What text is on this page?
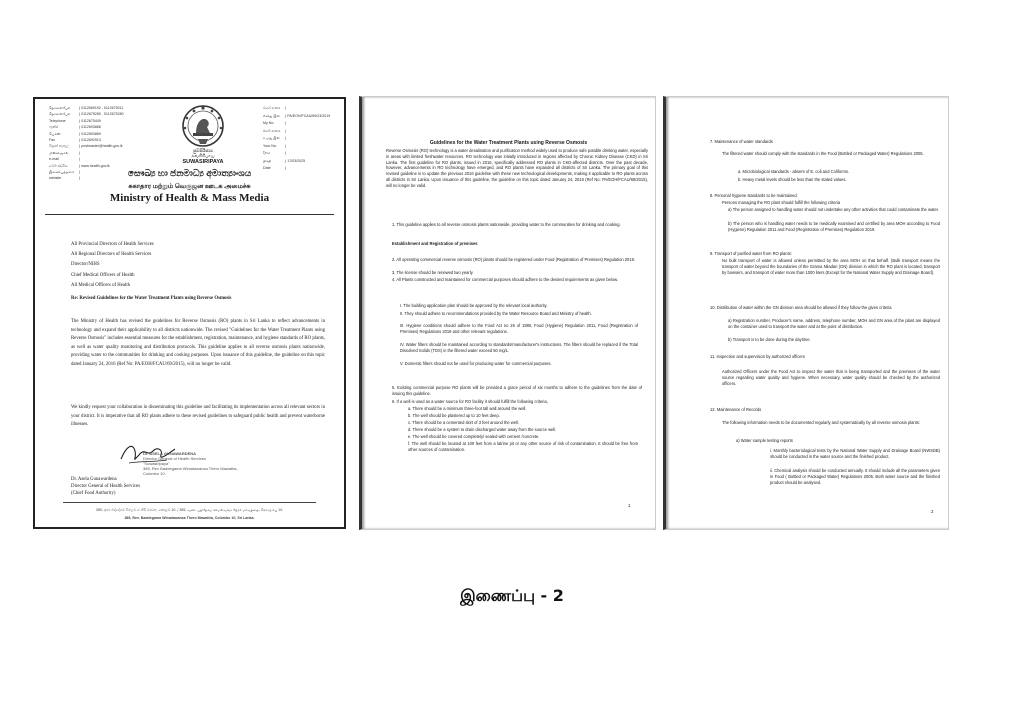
தொலைபேசி	) 0112669192 , 0112675011
தொலைபேசி	) 0112675280 , 0112675280
Telephone	) 0112675449
ෆැක්ස්	) 0112693866
பெக்ஸ்	) 0112693869
Fax	) 0112692913
විද්‍යුත් තැපෑල	) postmaster@health.gov.lk
மின்னஞ்சல்	)
e-mail	)
වෙබ් අඩවිය	) www.health.gov.lk
இணையத்தளம்	)
website	)
සුවසිරිපාය
சுவசிரிபாய
SUWASIRIPAYA
මගේ අංකය	)
எனது இல	) PA/EOH/FCAU/69/23/2019
My No.	)
ඔබේ අංකය	)
உமது இல	)
Your No.	)
දිනය	)
திகதி	) 17/03/2025
Date	)
සෞඛ්‍ය හා ජනමාධ්‍ය අමාත්‍යාංශය
சுகாதார மற்றும் வெகுஜன ஊடக அமைச்சு
Ministry of Health & Mass Media
All Provincial Directors of Health Services
All Regional Directors of Health Services
Director/NIHS
Chief Medical Officers of Health
All Medical Officers of Health
Re: Revised Guidelines for the Water Treatment Plants using Reverse Osmosis
The Ministry of Health has revised the guidelines for Reverse Osmosis (RO) plants in Sri Lanka to reflect advancements in technology and expand their applicability to all districts nationwide. The revised "Guidelines for the Water Treatment Plants using Reverse Osmosis" includes essential measures for the establishment, registration, maintenance, and hygiene standards of RO plants, as well as water quality monitoring and distribution protocols. This guideline applies to all reverse osmosis plants nationwide, providing water to the communities for drinking and cooking purposes. Upon issuance of this guideline, the guideline on this topic dated January 24, 2016 (Ref No: PA/EOH/FCAU/69/2015), will no longer be valid.
We kindly request your collaboration in disseminating this guideline and facilitating its implementation across all relevant sectors in your district. It is imperative that all RO plants adhere to these revised guidelines to safeguard public health and prevent waterborne illnesses.
Dr. ASELA GUNAWARDENA
Director General of Health Services
"Suwasiripaya"
385, Rev Baddegama Wimalawansa Thero Mawatha,
Colombo 10.
Dr. Asela Gunawardena
Director General of Health Services
(Chief Food Authority)
385, පූජ්‍ය බද්දේගම විමලවංශ හිමි මාවත, කොළඹ 10. / 385, வண. பத்தேகம விமலவங்ச தேரர் மாவத்தை, கொழும்பு 10.
385, Rev. Baddegama Wimalawansa Thero Mawatha, Colombo 10, Sri Lanka.
Guidelines for the Water Treatment Plants using Reverse Osmosis
Reverse Osmosis (RO) technology is a water desalination and purification method widely used to produce safe potable drinking water, especially in areas with limited freshwater resources. RO technology was initially introduced in regions affected by Chronic Kidney Disease (CKD) in Sri Lanka. The first guideline for RO plants, issued in 2016, specifically addressed RO plants in CKD-affected districts. Over the past decade, however, advancements in RO technology have emerged, and RO plants have expanded all districts of Sri Lanka. The primary goal of this revised guideline is to update the previous 2016 guideline with these new technological developments, making it applicable to RO plants across all districts in Sri Lanka. Upon issuance of this guideline, the guideline on this topic dated January 24, 2016 (Ref No: PA/EOH/FCAU/69/2015), will no longer be valid.
1. This guideline applies to all reverse osmosis plants nationwide, providing water to the communities for drinking and cooking.
Establishment and Registration of premises
2. All operating commercial reverse osmosis (RO) plants should be registered under Food (Registration of Premises) Regulation 2019.
3. The license should be renewed two yearly.
4. All Plants constructed and maintained for commercial purposes should adhere to the desired requirements as given below.
I. The building application plan should be approved by the relevant local authority.
II. They should adhere to recommendations provided by the Water Resource Board and Ministry of health.
III. Hygiene conditions should adhere to the Food Act no 26 of 1980, Food (Hygiene) Regulation 2011, Food (Registration of Premises) Regulations 2019 and other relevant regulations.
IV. Water filters should be maintained according to standards/manufacturer's instructions. The filters should be replaced if the Total Dissolved Solids (TDS) in the filtered water exceed 50 mg/L.
V. Domestic filters should not be used for producing water for commercial purposes.
5. Existing commercial purpose RO plants will be provided a grace period of six months to adhere to the guidelines from the date of issuing this guideline.
6. If a well is used as a water source for RO facility it should fulfill the following criteria,
a. There should be a minimum three-foot tall wall around the well.
b. The well should be plastered up to 10 feet deep.
c. There should be a cemented skirt of 3 feet around the well.
d. There should be a system to drain discharged water away from the source well.
e. The well should be covered completely/ sealed with cement /concrete.
f. The well should be located at 100 feet from a latrine pit or any other source of risk of contamination. It should be free from other sources of contamination.
1
7. Maintenance of water standards
The filtered water should comply with the standards in the Food (Bottled or Packaged Water) Regulations 2005.
a. Microbiological standards - absent of E. coli and Coliforms.
b. Heavy metal levels should be less than the stated values.
8. Personal hygiene standards to be maintained
Persons managing the RO plant should fulfill the following criteria
a) The person assigned to handling water should not undertake any other activities that could contaminate the water.
b) The person who is handling water needs to be medically examined and certified by area MOH according to Food (Hygiene) Regulation 2011 and Food (Registration of Premises) Regulation 2019.
9. Transport of purified water from RO plants:
No bulk transport of water is allowed unless permitted by the area MOH on that behalf. (Bulk transport means the transport of water beyond the boundaries of the Grama Niladari (GN) division in which the RO plant is located, transport by bowsers, and transport of water more than 1000 liters (Except for the National Water Supply and Drainage Board).
10. Distribution of water within the GN division area should be allowed if they follow the given criteria
a) Registration number, Producer's name, address, telephone number, MOH and GN area of the plant are displayed on the container used to transport the water and at the point of distribution.
b) Transport is to be done during the daytime.
11. Inspection and supervision by authorized officers
Authorized Officers under the Food Act to inspect the water that is being transported and the premises of the water source regarding water quality and hygiene. When necessary, water quality should be checked by the authorized officers.
12. Maintenance of Records
The following information needs to be documented regularly and systematically by all reverse osmosis plants:
a) Water sample testing reports
i. Monthly bacteriological tests by the National Water Supply and Drainage Board (NWSDB) should be conducted in the water source and the finished product.
ii. Chemical analysis should be conducted annually. It should include all the parameters given in Food ( Bottled or Packaged Water) Regulations 2005. Both water source and the finished product should be analysed.
2
இணைப்பு - 2
